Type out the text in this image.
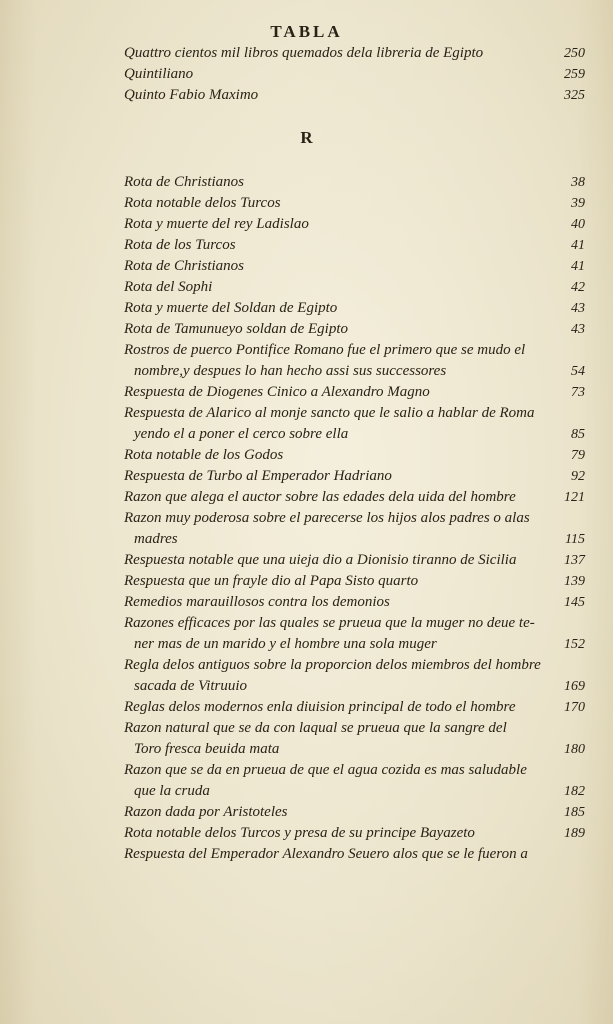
TABLA
Quattro cientos mil libros quemados dela libreria de Egipto	250
Quintiliano	259
Quinto Fabio Maximo	325
R
Rota de Christianos	38
Rota notable delos Turcos	39
Rota y muerte del rey Ladislao	40
Rota de los Turcos	41
Rota de Christianos	41
Rota del Sophi	42
Rota y muerte del Soldan de Egipto	43
Rota de Tamunueyo soldan de Egipto	43
Rostros de puerco Pontifice Romano fue el primero que se mudo el
nombre,y despues lo han hecho assi sus successores	54
Respuesta de Diogenes Cinico a Alexandro Magno	73
Respuesta de Alarico al monje sancto que le salio a hablar de Roma
yendo el a poner el cerco sobre ella	85
Rota notable de los Godos	79
Respuesta de Turbo al Emperador Hadriano	92
Razon que alega el auctor sobre las edades dela uida del hombre	121
Razon muy poderosa sobre el parecerse los hijos alos padres o alas
madres	115
Respuesta notable que una uieja dio a Dionisio tiranno de Sicilia	137
Respuesta que un frayle dio al Papa Sisto quarto	139
Remedios marauillosos contra los demonios	145
Razones efficaces por las quales se prueua que la muger no deue te-
ner mas de un marido y el hombre una sola muger	152
Regla delos antiguos sobre la proporcion delos miembros del hombre
sacada de Vitruuio	169
Reglas delos modernos enla diuision principal de todo el hombre	170
Razon natural que se da con laqual se prueua que la sangre del
Toro fresca beuida mata	180
Razon que se da en prueua de que el agua cozida es mas saludable
que la cruda	182
Razon dada por Aristoteles	185
Rota notable delos Turcos y presa de su principe Bayazeto	189
Respuesta del Emperador Alexandro Seuero alos que se le fueron a
